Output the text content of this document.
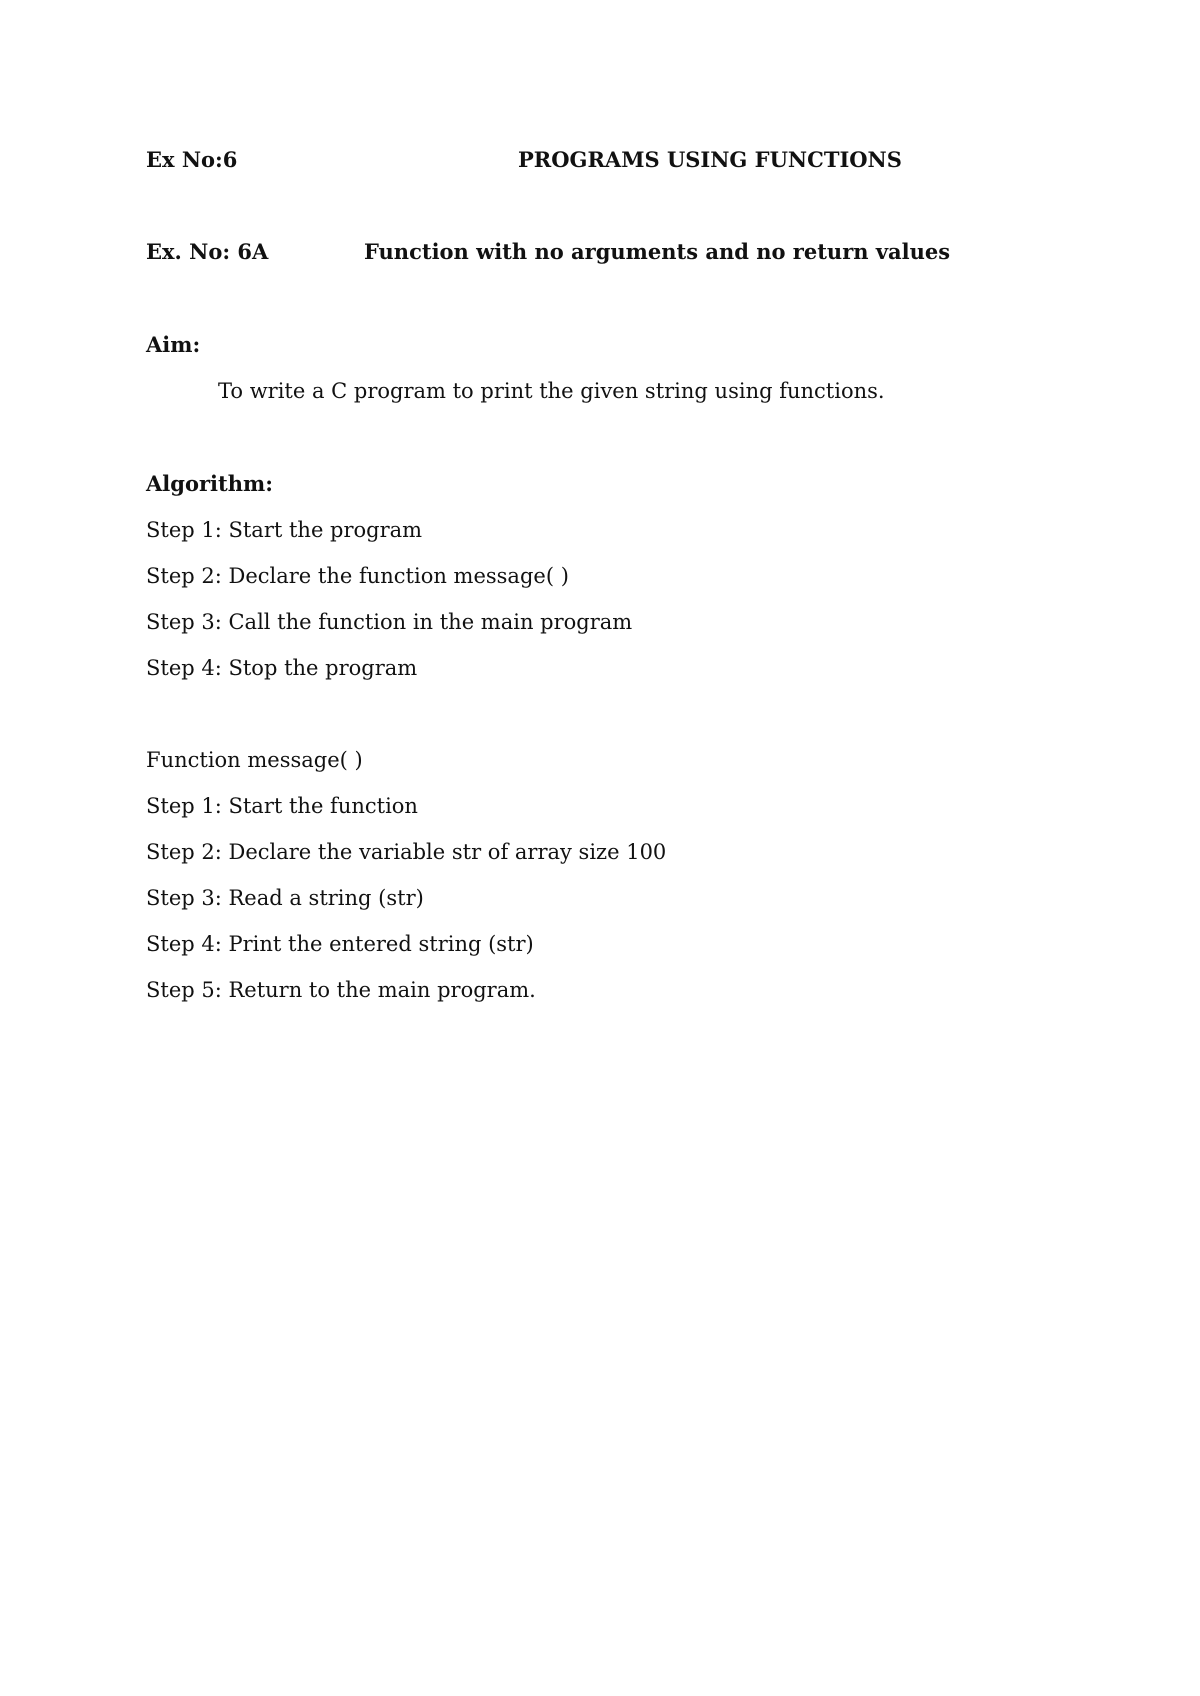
Ex No:6	PROGRAMS USING FUNCTIONS
Ex. No: 6A	Function with no arguments and no return values
Aim:
To write a C program to print the given string using functions.
Algorithm:
Step 1: Start the program
Step 2: Declare the function message( )
Step 3: Call the function in the main program
Step 4: Stop the program
Function message( )
Step 1: Start the function
Step 2: Declare the variable str of array size 100
Step 3: Read a string (str)
Step 4: Print the entered string (str)
Step 5: Return to the main program.
